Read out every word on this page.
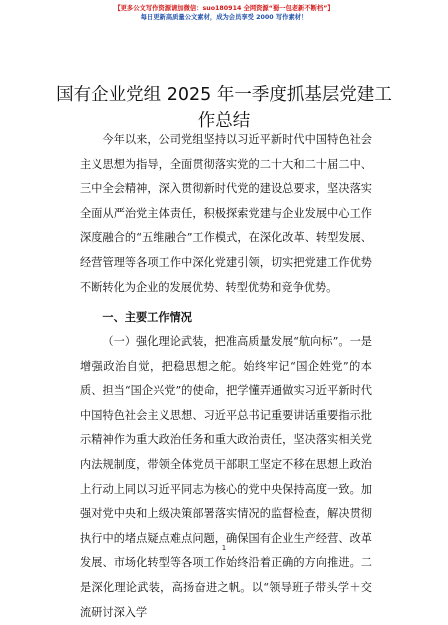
【更多公文写作资源请加微信：suo180914 全网资源“蜀一包老新不断档”】
每日更新高质量公文素材，成为会员享受 2000 写作素材！
国有企业党组 2025 年一季度抓基层党建工作总结

今年以来，公司党组坚持以习近平新时代中国特色社会主义思想为指导，全面贯彻落实党的二十大和二十届二中、三中全会精神，深入贯彻新时代党的建设总要求，坚决落实全面从严治党主体责任，积极探索党建与企业发展中心工作深度融合的“五维融合”工作模式，在深化改革、转型发展、经营管理等各项工作中深化党建引领，切实把党建工作优势不断转化为企业的发展优势、转型优势和竞争优势。

一、主要工作情况

（一）强化理论武装，把准高质量发展“航向标”。一是增强政治自觉，把稳思想之舵。始终牢记“国企姓党”的本质、担当“国企兴党”的使命，把学懂弄通做实习近平新时代中国特色社会主义思想、习近平总书记重要讲话重要指示批示精神作为重大政治任务和重大政治责任，坚决落实相关党内法规制度，带领全体党员干部职工坚定不移在思想上政治上行动上同以习近平同志为核心的党中央保持高度一致。加强对党中央和上级决策部署落实情况的监督检查，解决贯彻执行中的堵点疑点难点问题，确保国有企业生产经营、改革发展、市场化转型等各项工作始终沿着正确的方向推进。二是深化理论武装，高扬奋进之帆。以“领导班子带头学＋交流研讨深入学

1
